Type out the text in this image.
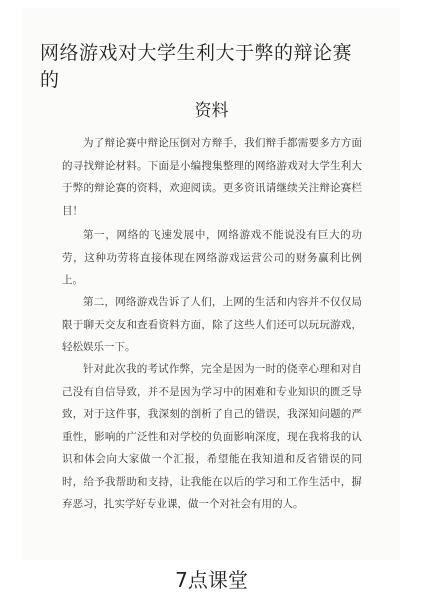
网络游戏对大学生利大于弊的辩论赛的
资料
为了辩论赛中辩论压倒对方辩手，我们辩手都需要多方方面的寻找辩论材料。下面是小编搜集整理的网络游戏对大学生利大于弊的辩论赛的资料，欢迎阅读。更多资讯请继续关注辩论赛栏目！
第一，网络的飞速发展中，网络游戏不能说没有巨大的功劳，这种功劳将直接体现在网络游戏运营公司的财务赢利比例上。
第二，网络游戏告诉了人们，上网的生活和内容并不仅仅局限于聊天交友和查看资料方面，除了这些人们还可以玩玩游戏，轻松娱乐一下。
针对此次我的考试作弊，完全是因为一时的侥幸心理和对自己没有自信导致，并不是因为学习中的困难和专业知识的匮乏导致，对于这件事，我深刻的剖析了自己的错误，我深知问题的严重性，影响的广泛性和对学校的负面影响深度，现在我将我的认识和体会向大家做一个汇报，希望能在我知道和反省错误的同时，给予我帮助和支持，让我能在以后的学习和工作生活中，摒弃恶习，扎实学好专业课，做一个对社会有用的人。
7点课堂
